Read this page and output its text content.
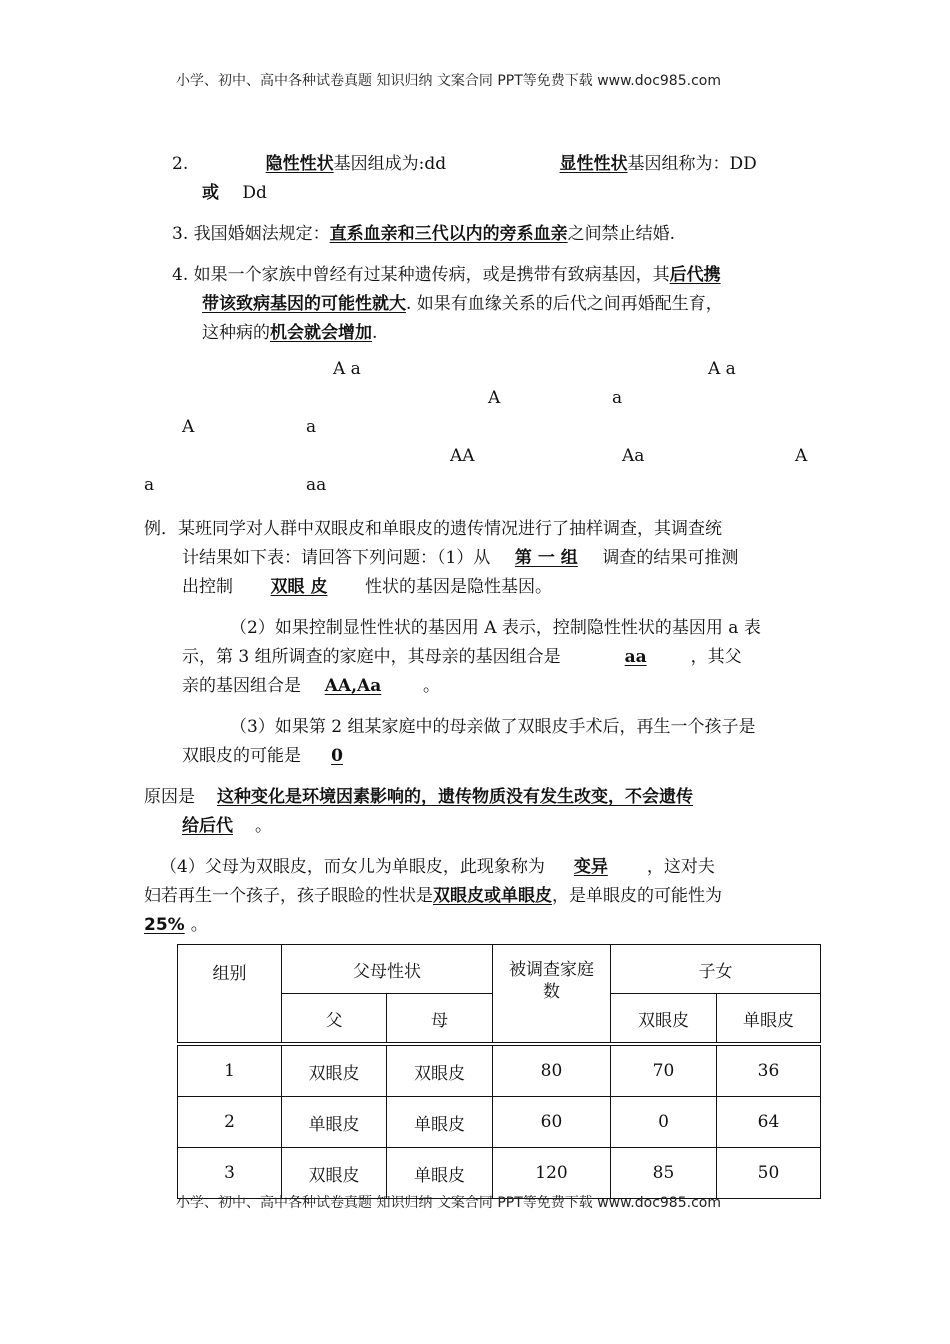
小学、初中、高中各种试卷真题 知识归纳 文案合同 PPT等免费下载 www.doc985.com
2.	隐性性状基因组成为:dd	显性性状基因组称为：DD
或 Dd
3. 我国婚姻法规定：直系血亲和三代以内的旁系血亲之间禁止结婚.
4. 如果一个家族中曾经有过某种遗传病，或是携带有致病基因，其后代携
带该致病基因的可能性就大. 如果有血缘关系的后代之间再婚配生育，
这种病的机会就会增加.
A a	A a
A	a
A	a
AA	Aa	A
a	aa
例．某班同学对人群中双眼皮和单眼皮的遗传情况进行了抽样调查，其调查统
计结果如下表：请回答下列问题：（1）从 第 一 组 调查的结果可推测
出控制 双眼 皮 性状的基因是隐性基因。
（2）如果控制显性性状的基因用 A 表示，控制隐性性状的基因用 a 表
示，第 3 组所调查的家庭中，其母亲的基因组合是	aa	，其父
亲的基因组合是 AA,Aa 。
（3）如果第 2 组某家庭中的母亲做了双眼皮手术后，再生一个孩子是
双眼皮的可能是 0
原因是 这种变化是环境因素影响的，遗传物质没有发生改变，不会遗传
给后代 。
（4）父母为双眼皮，而女儿为单眼皮，此现象称为 变异 ，这对夫
妇若再生一个孩子，孩子眼睑的性状是双眼皮或单眼皮，是单眼皮的可能性为
25% 。
组别	父母性状		被调查家庭数	子女	
	父	母		双眼皮	单眼皮
1	双眼皮	双眼皮	80	70	36
2	单眼皮	单眼皮	60	0	64
3	双眼皮	单眼皮	120	85	50
小学、初中、高中各种试卷真题 知识归纳 文案合同 PPT等免费下载 www.doc985.com
